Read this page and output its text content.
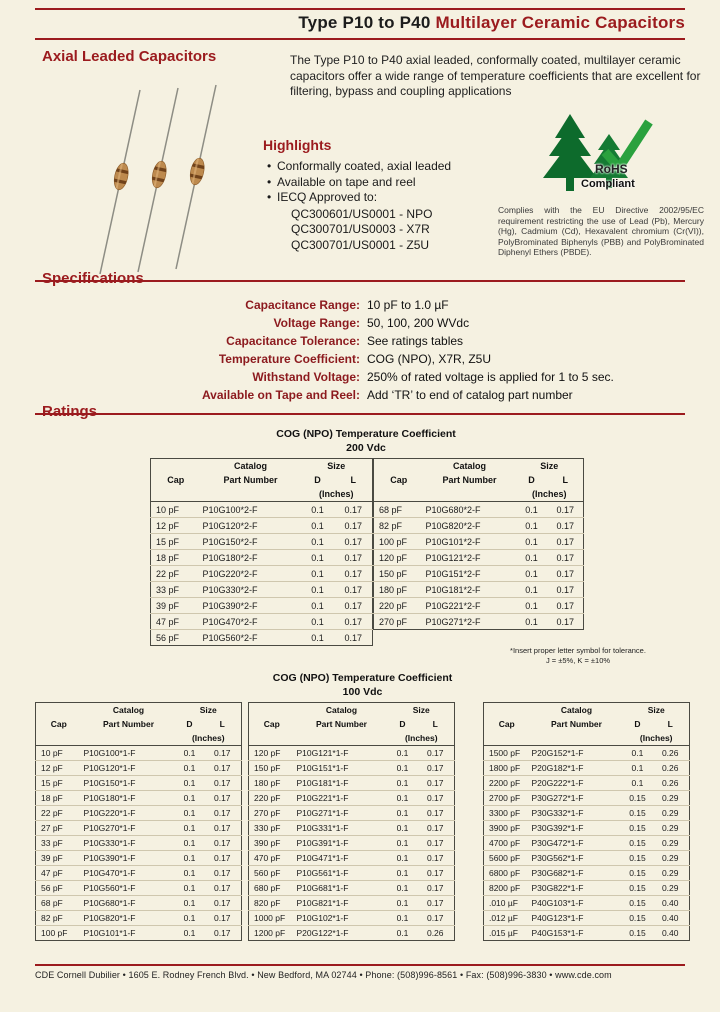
Type P10 to P40 Multilayer Ceramic Capacitors
Axial Leaded Capacitors	The Type P10 to P40 axial leaded, conformally coated, multilayer ceramic capacitors offer a wide range of temperature coefficients that are excellent for filtering, bypass and coupling applications

Highlights
• Conformally coated, axial leaded
• Available on tape and reel
• IECQ Approved to:
QC300601/US0001 - NPO
QC300701/US0003 - X7R
QC300701/US0001 - Z5U
RoHS
Compliant

Complies with the EU Directive 2002/95/EC requirement restricting the use of Lead (Pb), Mercury (Hg), Cadmium (Cd), Hexavalent chromium (Cr(VI)), PolyBrominated Biphenyls (PBB) and PolyBrominated Diphenyl Ethers (PBDE).

Specifications
Capacitance Range: 10 pF to 1.0 µF
Voltage Range: 50, 100, 200 WVdc
Capacitance Tolerance: See ratings tables
Temperature Coefficient: COG (NPO), X7R, Z5U
Withstand Voltage: 250% of rated voltage is applied for 1 to 5 sec.
Available on Tape and Reel: Add ‘TR’ to end of catalog part number
Ratings
COG (NPO) Temperature Coefficient
200 Vdc
	Catalog	Size	
Cap	Part Number	D	L
		(Inches)	
10 pF	P10G100*2-F	0.1	0.17
12 pF	P10G120*2-F	0.1	0.17
15 pF	P10G150*2-F	0.1	0.17
18 pF	P10G180*2-F	0.1	0.17
22 pF	P10G220*2-F	0.1	0.17
33 pF	P10G330*2-F	0.1	0.17
39 pF	P10G390*2-F	0.1	0.17
47 pF	P10G470*2-F	0.1	0.17
56 pF	P10G560*2-F	0.1	0.17
	Catalog	Size	
Cap	Part Number	D	L
		(Inches)	
68 pF	P10G680*2-F	0.1	0.17
82 pF	P10G820*2-F	0.1	0.17
100 pF	P10G101*2-F	0.1	0.17
120 pF	P10G121*2-F	0.1	0.17
150 pF	P10G151*2-F	0.1	0.17
180 pF	P10G181*2-F	0.1	0.17
220 pF	P10G221*2-F	0.1	0.17
270 pF	P10G271*2-F	0.1	0.17
*Insert proper letter symbol for tolerance.
J = ±5%, K = ±10%
COG (NPO) Temperature Coefficient
100 Vdc
	Catalog	Size	
Cap	Part Number	D	L
		(Inches)	
10 pF	P10G100*1-F	0.1	0.17
12 pF	P10G120*1-F	0.1	0.17
15 pF	P10G150*1-F	0.1	0.17
18 pF	P10G180*1-F	0.1	0.17
22 pF	P10G220*1-F	0.1	0.17
27 pF	P10G270*1-F	0.1	0.17
33 pF	P10G330*1-F	0.1	0.17
39 pF	P10G390*1-F	0.1	0.17
47 pF	P10G470*1-F	0.1	0.17
56 pF	P10G560*1-F	0.1	0.17
68 pF	P10G680*1-F	0.1	0.17
82 pF	P10G820*1-F	0.1	0.17
100 pF	P10G101*1-F	0.1	0.17
	Catalog	Size	
Cap	Part Number	D	L
		(Inches)	
120 pF	P10G121*1-F	0.1	0.17
150 pF	P10G151*1-F	0.1	0.17
180 pF	P10G181*1-F	0.1	0.17
220 pF	P10G221*1-F	0.1	0.17
270 pF	P10G271*1-F	0.1	0.17
330 pF	P10G331*1-F	0.1	0.17
390 pF	P10G391*1-F	0.1	0.17
470 pF	P10G471*1-F	0.1	0.17
560 pF	P10G561*1-F	0.1	0.17
680 pF	P10G681*1-F	0.1	0.17
820 pF	P10G821*1-F	0.1	0.17
1000 pF	P10G102*1-F	0.1	0.17
1200 pF	P20G122*1-F	0.1	0.26
	Catalog	Size	
Cap	Part Number	D	L
		(Inches)	
1500 pF	P20G152*1-F	0.1	0.26
1800 pF	P20G182*1-F	0.1	0.26
2200 pF	P20G222*1-F	0.1	0.26
2700 pF	P30G272*1-F	0.15	0.29
3300 pF	P30G332*1-F	0.15	0.29
3900 pF	P30G392*1-F	0.15	0.29
4700 pF	P30G472*1-F	0.15	0.29
5600 pF	P30G562*1-F	0.15	0.29
6800 pF	P30G682*1-F	0.15	0.29
8200 pF	P30G822*1-F	0.15	0.29
.010 µF	P40G103*1-F	0.15	0.40
.012 µF	P40G123*1-F	0.15	0.40
.015 µF	P40G153*1-F	0.15	0.40
CDE Cornell Dubilier • 1605 E. Rodney French Blvd. • New Bedford, MA 02744 • Phone: (508)996-8561 • Fax: (508)996-3830 • www.cde.com
